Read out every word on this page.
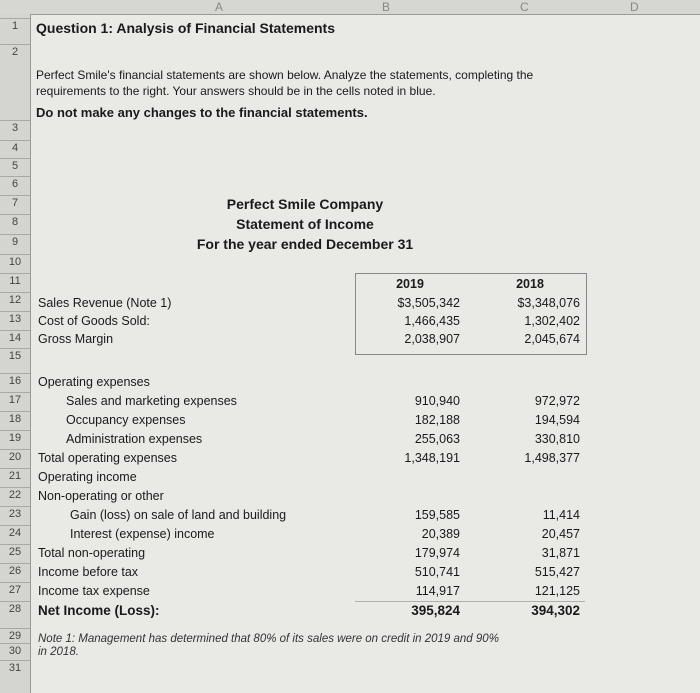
A	B	C	D
1
2
3
4
5
6
7
8
9
10
11
12
13
14
15
16
17
18
19
20
21
22
23
24
25
26
27
28
29
30
31
Question 1: Analysis of Financial Statements
Perfect Smile's financial statements are shown below. Analyze the statements, completing the
requirements to the right. Your answers should be in the cells noted in blue.
Do not make any changes to the financial statements.
Perfect Smile Company
Statement of Income
For the year ended December 31
2019	2018
Sales Revenue (Note 1)	$3,505,342	$3,348,076
Cost of Goods Sold:	1,466,435	1,302,402
Gross Margin	2,038,907	2,045,674
Operating expenses
Sales and marketing expenses	910,940	972,972
Occupancy expenses	182,188	194,594
Administration expenses	255,063	330,810
Total operating expenses	1,348,191	1,498,377
Operating income
Non-operating or other
Gain (loss) on sale of land and building	159,585	11,414
Interest (expense) income	20,389	20,457
Total non-operating	179,974	31,871
Income before tax	510,741	515,427
Income tax expense	114,917	121,125
Net Income (Loss):	395,824	394,302
Note 1: Management has determined that 80% of its sales were on credit in 2019 and 90%
in 2018.
